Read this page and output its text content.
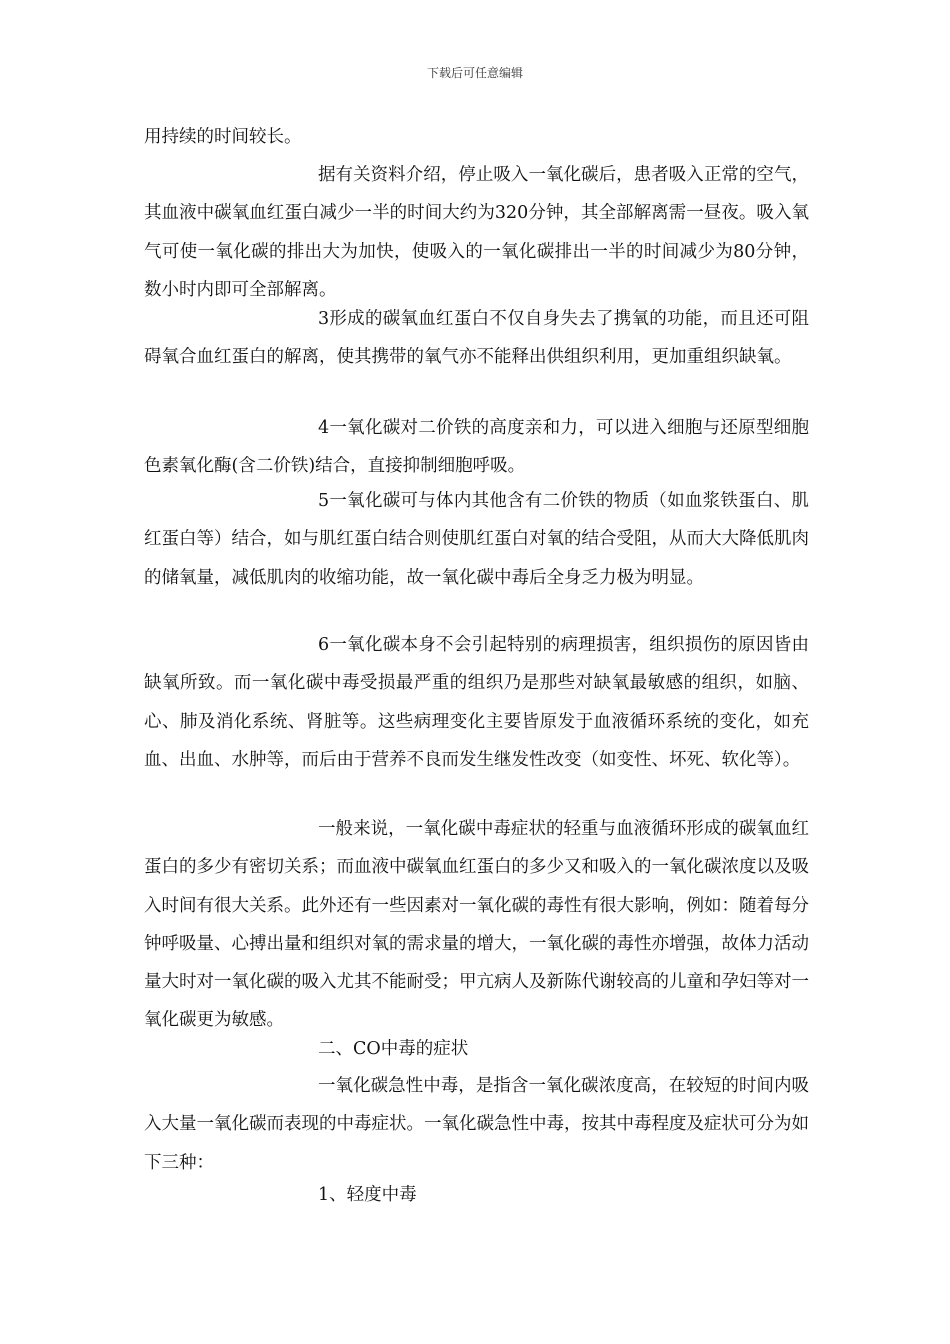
下载后可任意编辑

用持续的时间较长。

据有关资料介绍，停止吸入一氧化碳后，患者吸入正常的空气，其血液中碳氧血红蛋白减少一半的时间大约为320分钟，其全部解离需一昼夜。吸入氧气可使一氧化碳的排出大为加快，使吸入的一氧化碳排出一半的时间减少为80分钟，数小时内即可全部解离。

3形成的碳氧血红蛋白不仅自身失去了携氧的功能，而且还可阻碍氧合血红蛋白的解离，使其携带的氧气亦不能释出供组织利用，更加重组织缺氧。

4一氧化碳对二价铁的高度亲和力，可以进入细胞与还原型细胞色素氧化酶(含二价铁)结合，直接抑制细胞呼吸。

5一氧化碳可与体内其他含有二价铁的物质（如血浆铁蛋白、肌红蛋白等）结合，如与肌红蛋白结合则使肌红蛋白对氧的结合受阻，从而大大降低肌肉的储氧量，减低肌肉的收缩功能，故一氧化碳中毒后全身乏力极为明显。

6一氧化碳本身不会引起特别的病理损害，组织损伤的原因皆由缺氧所致。而一氧化碳中毒受损最严重的组织乃是那些对缺氧最敏感的组织，如脑、心、肺及消化系统、肾脏等。这些病理变化主要皆原发于血液循环系统的变化，如充血、出血、水肿等，而后由于营养不良而发生继发性改变（如变性、坏死、软化等）。

一般来说，一氧化碳中毒症状的轻重与血液循环形成的碳氧血红蛋白的多少有密切关系；而血液中碳氧血红蛋白的多少又和吸入的一氧化碳浓度以及吸入时间有很大关系。此外还有一些因素对一氧化碳的毒性有很大影响，例如：随着每分钟呼吸量、心搏出量和组织对氧的需求量的增大，一氧化碳的毒性亦增强，故体力活动量大时对一氧化碳的吸入尤其不能耐受；甲亢病人及新陈代谢较高的儿童和孕妇等对一氧化碳更为敏感。

二、CO中毒的症状

一氧化碳急性中毒，是指含一氧化碳浓度高，在较短的时间内吸入大量一氧化碳而表现的中毒症状。一氧化碳急性中毒，按其中毒程度及症状可分为如下三种：

1、轻度中毒
